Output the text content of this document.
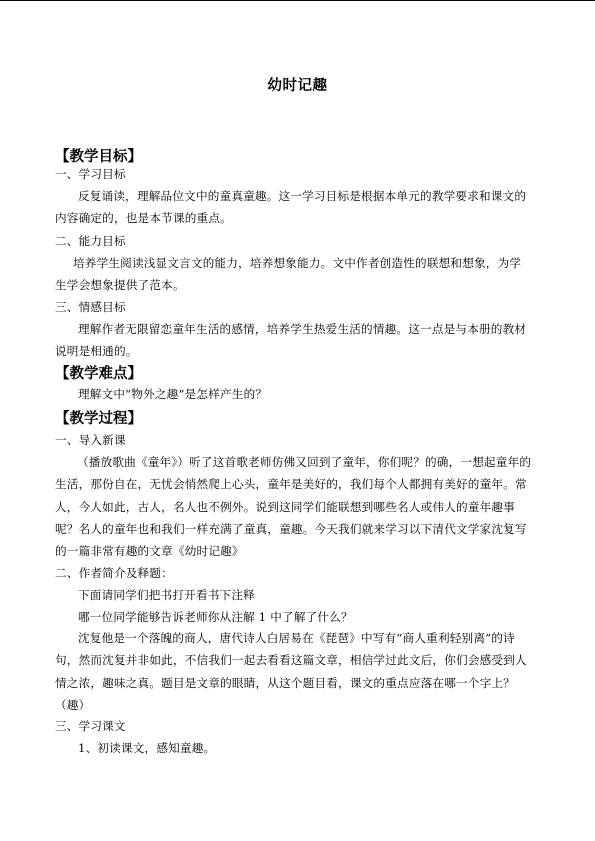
幼时记趣
【教学目标】
一、学习目标
反复诵读，理解品位文中的童真童趣。这一学习目标是根据本单元的教学要求和课文的
内容确定的，也是本节课的重点。
二、能力目标
培养学生阅读浅显文言文的能力，培养想象能力。文中作者创造性的联想和想象，为学
生学会想象提供了范本。
三、情感目标
理解作者无限留恋童年生活的感情，培养学生热爱生活的情趣。这一点是与本册的教材
说明是相通的。
【教学难点】
理解文中“物外之趣”是怎样产生的？
【教学过程】
一、导入新课
（播放歌曲《童年》）听了这首歌老师仿佛又回到了童年，你们呢？的确，一想起童年的
生活，那份自在，无忧会悄然爬上心头，童年是美好的，我们每个人都拥有美好的童年。常
人，今人如此，古人，名人也不例外。说到这同学们能联想到哪些名人或伟人的童年趣事
呢？名人的童年也和我们一样充满了童真，童趣。今天我们就来学习以下清代文学家沈复写
的一篇非常有趣的文章《幼时记趣》
二、作者简介及释题：
下面请同学们把书打开看书下注释
哪一位同学能够告诉老师你从注解 1 中了解了什么？
沈复他是一个落魄的商人，唐代诗人白居易在《琵琶》中写有“商人重利轻别离”的诗
句，然而沈复并非如此，不信我们一起去看看这篇文章，相信学过此文后，你们会感受到人
情之浓，趣味之真。题目是文章的眼睛，从这个题目看，课文的重点应落在哪一个字上？
（趣）
三、学习课文
1、初读课文，感知童趣。
